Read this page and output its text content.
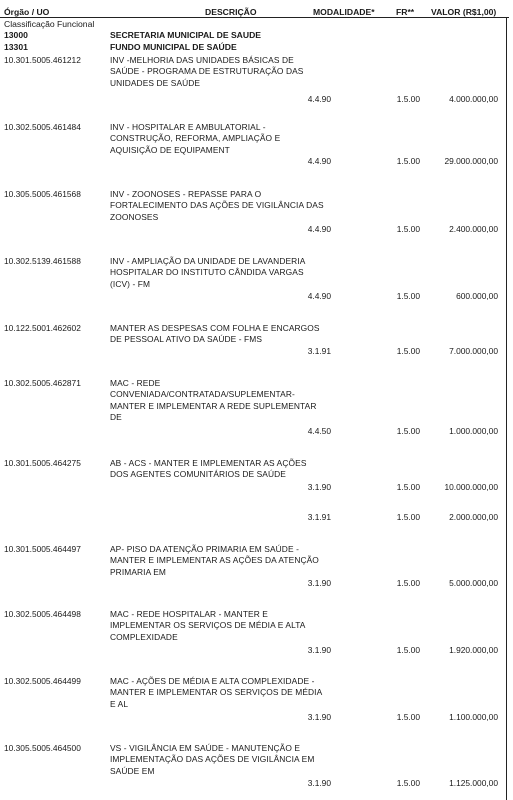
Órgão / UO	DESCRIÇÃO	MODALIDADE* FR** VALOR (R$1,00)
Classificação Funcional
13000	SECRETARIA MUNICIPAL DE SAUDE
13301	FUNDO MUNICIPAL DE SAÚDE
10.301.5005.461212	INV -MELHORIA DAS UNIDADES BÁSICAS DE SAÚDE - PROGRAMA DE ESTRUTURAÇÃO DAS UNIDADES DE SAÚDE
4.4.90	1.5.00	4.000.000,00
10.302.5005.461484	INV - HOSPITALAR E AMBULATORIAL - CONSTRUÇÃO, REFORMA, AMPLIAÇÃO E AQUISIÇÃO DE EQUIPAMENT
4.4.90	1.5.00	29.000.000,00
10.305.5005.461568	INV - ZOONOSES - REPASSE PARA O FORTALECIMENTO DAS AÇÕES DE VIGILÂNCIA DAS ZOONOSES
4.4.90	1.5.00	2.400.000,00
10.302.5139.461588	INV - AMPLIAÇÃO DA UNIDADE DE LAVANDERIA HOSPITALAR DO INSTITUTO CÂNDIDA VARGAS (ICV) - FM
4.4.90	1.5.00	600.000,00
10.122.5001.462602	MANTER AS DESPESAS COM FOLHA E ENCARGOS DE PESSOAL ATIVO DA SAÚDE - FMS
3.1.91	1.5.00	7.000.000,00
10.302.5005.462871	MAC - REDE CONVENIADA/CONTRATADA/SUPLEMENTAR-MANTER E IMPLEMENTAR A REDE SUPLEMENTAR DE
4.4.50	1.5.00	1.000.000,00
10.301.5005.464275	AB - ACS - MANTER E IMPLEMENTAR AS AÇÕES DOS AGENTES COMUNITÁRIOS DE SAÚDE
3.1.90	1.5.00	10.000.000,00
3.1.91	1.5.00	2.000.000,00
10.301.5005.464497	AP- PISO DA ATENÇÃO PRIMARIA EM SAÚDE - MANTER E IMPLEMENTAR AS AÇÕES DA ATENÇÃO PRIMARIA EM
3.1.90	1.5.00	5.000.000,00
10.302.5005.464498	MAC - REDE HOSPITALAR - MANTER E IMPLEMENTAR OS SERVIÇOS DE MÉDIA E ALTA COMPLEXIDADE
3.1.90	1.5.00	1.920.000,00
10.302.5005.464499	MAC - AÇÕES DE MÉDIA E ALTA COMPLEXIDADE - MANTER E IMPLEMENTAR OS SERVIÇOS DE MÉDIA E AL
3.1.90	1.5.00	1.100.000,00
10.305.5005.464500	VS - VIGILÂNCIA EM SAÚDE - MANUTENÇÃO E IMPLEMENTAÇÃO DAS AÇÕES DE VIGILÂNCIA EM SAÚDE EM
3.1.90	1.5.00	1.125.000,00
